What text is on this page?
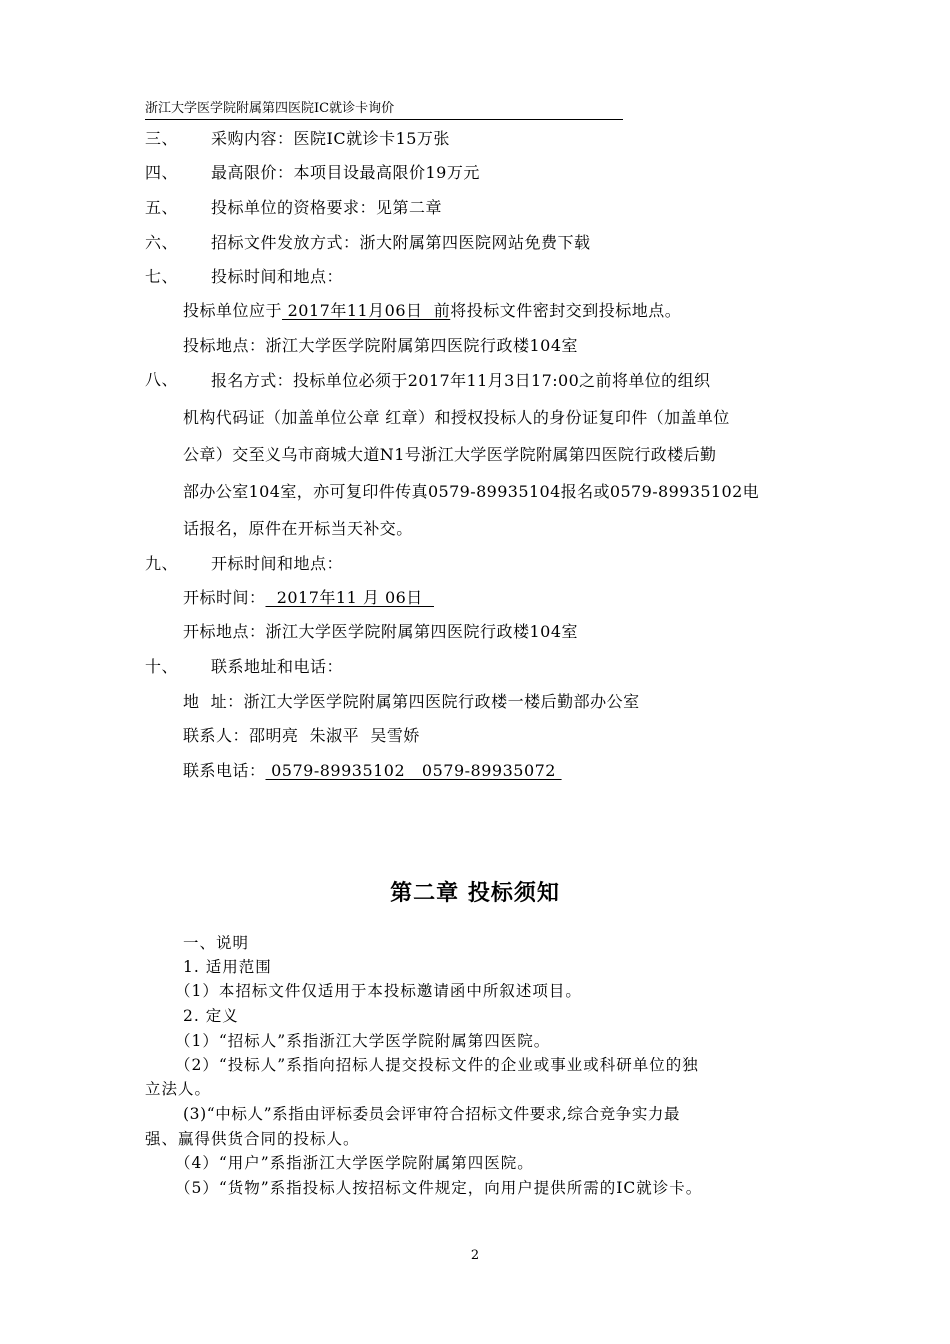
浙江大学医学院附属第四医院IC就诊卡询价
三、 采购内容：医院IC就诊卡15万张
四、 最高限价：本项目设最高限价19万元
五、 投标单位的资格要求：见第二章
六、 招标文件发放方式：浙大附属第四医院网站免费下载
七、 投标时间和地点：
投标单位应于 2017年11月06日  前将投标文件密封交到投标地点。
投标地点：浙江大学医学院附属第四医院行政楼104室
八、 报名方式：投标单位必须于2017年11月3日17:00之前将单位的组织
机构代码证（加盖单位公章 红章）和授权投标人的身份证复印件（加盖单位
公章）交至义乌市商城大道N1号浙江大学医学院附属第四医院行政楼后勤
部办公室104室，亦可复印件传真0579-89935104报名或0579-89935102电
话报名，原件在开标当天补交。
九、 开标时间和地点：
开标时间：  2017年11 月 06日
开标地点：浙江大学医学院附属第四医院行政楼104室
十、 联系地址和电话：
地  址：浙江大学医学院附属第四医院行政楼一楼后勤部办公室
联系人：邵明亮  朱淑平  吴雪娇
联系电话： 0579-89935102   0579-89935072
第二章 投标须知
一、说明
1. 适用范围
（1）本招标文件仅适用于本投标邀请函中所叙述项目。
2. 定义
（1）“招标人”系指浙江大学医学院附属第四医院。
（2）“投标人”系指向招标人提交投标文件的企业或事业或科研单位的独
立法人。
(3)“中标人”系指由评标委员会评审符合招标文件要求,综合竞争实力最
强、赢得供货合同的投标人。
（4）“用户”系指浙江大学医学院附属第四医院。
（5）“货物”系指投标人按招标文件规定，向用户提供所需的IC就诊卡。
2
